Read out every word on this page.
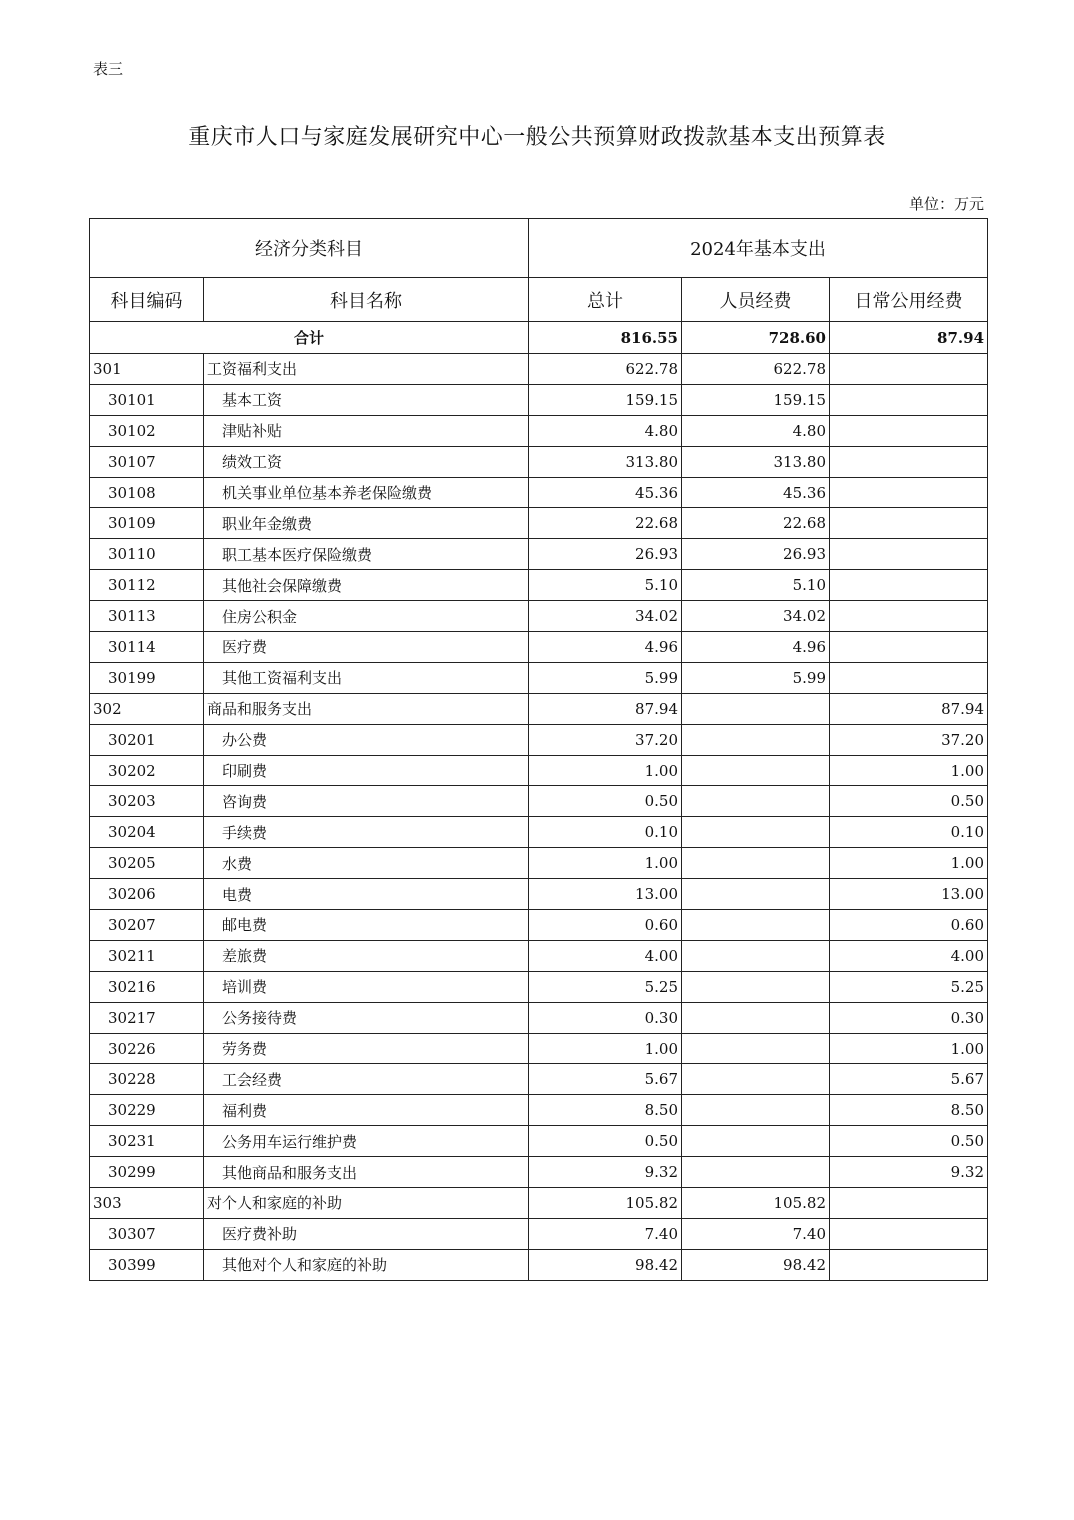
表三
重庆市人口与家庭发展研究中心一般公共预算财政拨款基本支出预算表
单位：万元
经济分类科目		2024年基本支出		
科目编码	科目名称	总计	人员经费	日常公用经费
合计		816.55	728.60	87.94
301	工资福利支出	622.78	622.78	
30101	基本工资	159.15	159.15	
30102	津贴补贴	4.80	4.80	
30107	绩效工资	313.80	313.80	
30108	机关事业单位基本养老保险缴费	45.36	45.36	
30109	职业年金缴费	22.68	22.68	
30110	职工基本医疗保险缴费	26.93	26.93	
30112	其他社会保障缴费	5.10	5.10	
30113	住房公积金	34.02	34.02	
30114	医疗费	4.96	4.96	
30199	其他工资福利支出	5.99	5.99	
302	商品和服务支出	87.94		87.94
30201	办公费	37.20		37.20
30202	印刷费	1.00		1.00
30203	咨询费	0.50		0.50
30204	手续费	0.10		0.10
30205	水费	1.00		1.00
30206	电费	13.00		13.00
30207	邮电费	0.60		0.60
30211	差旅费	4.00		4.00
30216	培训费	5.25		5.25
30217	公务接待费	0.30		0.30
30226	劳务费	1.00		1.00
30228	工会经费	5.67		5.67
30229	福利费	8.50		8.50
30231	公务用车运行维护费	0.50		0.50
30299	其他商品和服务支出	9.32		9.32
303	对个人和家庭的补助	105.82	105.82	
30307	医疗费补助	7.40	7.40	
30399	其他对个人和家庭的补助	98.42	98.42	
